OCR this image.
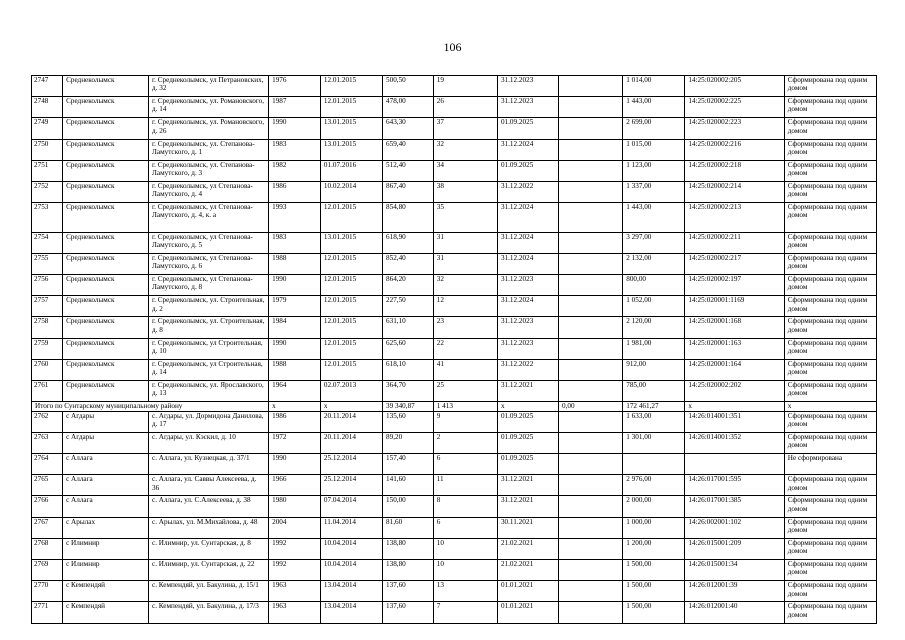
106
2747	Среднеколымск	г. Среднеколымск, ул Петрановских, д. 32	1976	12.01.2015	500,50	19	31.12.2023		1 014,00	14:25:020002:205	Сформирована под одним домом
2748	Среднеколымск	г. Среднеколымск, ул. Романовского, д. 14	1987	12.01.2015	478,00	26	31.12.2023		1 443,00	14:25:020002:225	Сформирована под одним домом
2749	Среднеколымск	г. Среднеколымск, ул. Романовского, д. 26	1990	13.01.2015	643,30	37	01.09.2025		2 699,00	14:25:020002:223	Сформирована под одним домом
2750	Среднеколымск	г. Среднеколымск, ул. Степанова-Ламутского, д. 1	1983	13.01.2015	659,40	32	31.12.2024		1 015,00	14:25:020002:216	Сформирована под одним домом
2751	Среднеколымск	г. Среднеколымск, ул. Степанова-Ламутского, д. 3	1982	01.07.2016	512,40	34	01.09.2025		1 123,00	14:25:020002:218	Сформирована под одним домом
2752	Среднеколымск	г. Среднеколымск, ул Степанова-Ламутского, д. 4	1986	10.02.2014	867,40	38	31.12.2022		1 337,00	14:25:020002:214	Сформирована под одним домом
2753	Среднеколымск	г. Среднеколымск, ул Степанова-Ламутского, д. 4, к. а	1993	12.01.2015	854,80	35	31.12.2024		1 443,00	14:25:020002:213	Сформирована под одним домом
2754	Среднеколымск	г. Среднеколымск, ул Степанова-Ламутского, д. 5	1983	13.01.2015	618,90	31	31.12.2024		3 297,00	14:25:020002:211	Сформирована под одним домом
2755	Среднеколымск	г. Среднеколымск, ул Степанова-Ламутского, д. 6	1988	12.01.2015	852,40	31	31.12.2024		2 132,00	14:25:020002:217	Сформирована под одним домом
2756	Среднеколымск	г. Среднеколымск, ул Степанова-Ламутского, д. 8	1990	12.01.2015	864,20	32	31.12.2023		800,00	14:25:020002:197	Сформирована под одним домом
2757	Среднеколымск	г. Среднеколымск, ул. Строительная, д. 2	1979	12.01.2015	227,50	12	31.12.2024		1 052,00	14:25:020001:1169	Сформирована под одним домом
2758	Среднеколымск	г. Среднеколымск, ул. Строительная, д. 8	1984	12.01.2015	631,10	23	31.12.2023		2 120,00	14:25:020001:168	Сформирована под одним домом
2759	Среднеколымск	г. Среднеколымск, ул Строительная, д. 10	1990	12.01.2015	625,60	22	31.12.2023		1 981,00	14:25:020001:163	Сформирована под одним домом
2760	Среднеколымск	г. Среднеколымск, ул Строительная, д. 14	1988	12.01.2015	618,10	41	31.12.2022		912,00	14:25:020001:164	Сформирована под одним домом
2761	Среднеколымск	г. Среднеколымск, ул. Ярославского, д. 13	1964	02.07.2013	364,70	25	31.12.2021		785,00	14:25:020002:202	Сформирована под одним домом
Итого по Сунтарскому муниципальному району			x	x	39 340,87	1 413	x	0,00	172 461,27	x	x
2762	с Агдары	с. Агдары, ул. Дормидона Данилова, д. 17	1986	20.11.2014	135,60	9	01.09.2025		1 633,00	14:26:014001:351	Сформирована под одним домом
2763	с Агдары	с. Агдары, ул. Кэскил, д. 10	1972	20.11.2014	89,20	2	01.09.2025		1 301,00	14:26:014001:352	Сформирована под одним домом
2764	с Аллага	с. Аллага, ул. Кузнецкая, д. 37/1	1990	25.12.2014	157,40	6	01.09.2025				Не сформирована
2765	с Аллага	с. Аллага, ул. Саввы Алексеева, д. 36	1966	25.12.2014	141,60	11	31.12.2021		2 976,00	14:26:017001:595	Сформирована под одним домом
2766	с Аллага	с. Аллага, ул. С.Алексеева, д. 38	1980	07.04.2014	150,00	8	31.12.2021		2 000,00	14:26:017001:385	Сформирована под одним домом
2767	с Арылах	с. Арылах, ул. М.Михайлова, д. 48	2004	11.04.2014	81,60	6	30.11.2021		1 000,00	14:26:002001:102	Сформирована под одним домом
2768	с Илимнир	с. Илимнир, ул. Сунтарская, д. 8	1992	10.04.2014	138,80	10	21.02.2021		1 200,00	14:26:015001:209	Сформирована под одним домом
2769	с Илимнир	с. Илимнир, ул. Сунтарская, д. 22	1992	10.04.2014	138,80	10	21.02.2021		1 500,00	14:26:015001:34	Сформирована под одним домом
2770	с Кемпендяй	с. Кемпендяй, ул. Бакулина, д. 15/1	1963	13.04.2014	137,60	13	01.01.2021		1 500,00	14:26:012001:39	Сформирована под одним домом
2771	с Кемпендяй	с. Кемпендяй, ул. Бакулина, д. 17/3	1963	13.04.2014	137,60	7	01.01.2021		1 500,00	14:26:012001:40	Сформирована под одним домом
